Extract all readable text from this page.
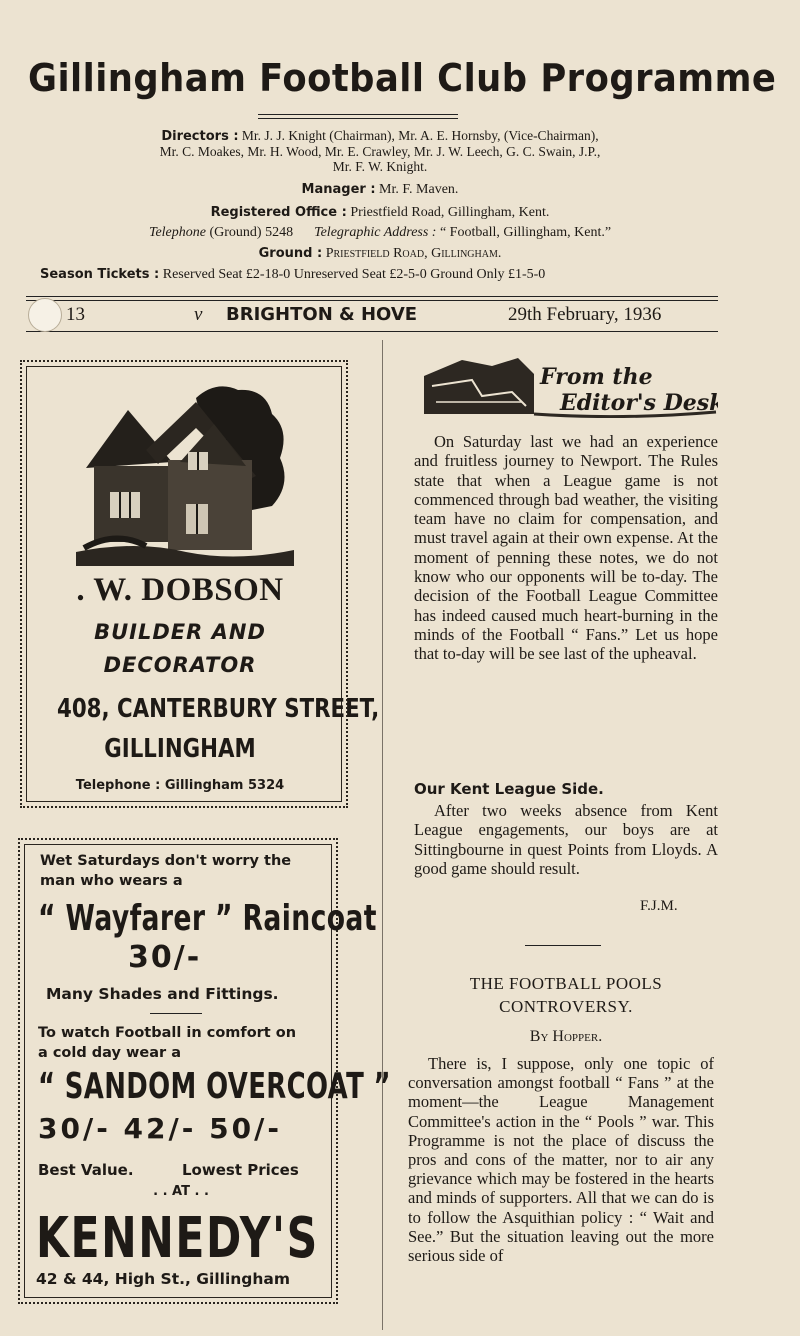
Gillingham Football Club Programme
Directors : Mr. J. J. Knight (Chairman), Mr. A. E. Hornsby, (Vice-Chairman),
Mr. C. Moakes, Mr. H. Wood, Mr. E. Crawley, Mr. J. W. Leech, G. C. Swain, J.P.,
Mr. F. W. Knight.
Manager : Mr. F. Maven.
Registered Office : Priestfield Road, Gillingham, Kent.
Telephone (Ground) 5248 Telegraphic Address : “ Football, Gillingham, Kent.”
Ground : Priestfield Road, Gillingham.
Season Tickets : Reserved Seat £2-18-0 Unreserved Seat £2-5-0 Ground Only £1-5-0
13	v BRIGHTON & HOVE	29th February, 1936
. W. DOBSON
BUILDER AND
DECORATOR
408, CANTERBURY STREET,
GILLINGHAM
Telephone : Gillingham 5324
Wet Saturdays don't worry the
man who wears a
“ Wayfarer ” Raincoat
30/-
Many Shades and Fittings.
To watch Football in comfort on
a cold day wear a
“ SANDOM OVERCOAT ”
30/- 42/- 50/-
Best Value.	Lowest Prices
. . AT . .
KENNEDY'S
42 & 44, High St., Gillingham
From the
Editor's Desk

On Saturday last we had an experience and fruitless journey to Newport. The Rules state that when a League game is not commenced through bad weather, the visiting team have no claim for compensation, and must travel again at their own expense. At the moment of penning these notes, we do not know who our opponents will be to-day. The decision of the Football League Committee has indeed caused much heart-burning in the minds of the Football “ Fans.” Let us hope that to-day will be see last of the upheaval.

Our Kent League Side.

After two weeks absence from Kent League engagements, our boys are at Sittingbourne in quest Points from Lloyds. A good game should result.

F.J.M.
THE FOOTBALL POOLS
CONTROVERSY.
By Hopper.

There is, I suppose, only one topic of conversation amongst football “ Fans ” at the moment—the League Management Committee's action in the “ Pools ” war. This Programme is not the place of discuss the pros and cons of the matter, nor to air any grievance which may be fostered in the hearts and minds of supporters. All that we can do is to follow the Asquithian policy : “ Wait and See.” But the situation leaving out the more serious side of
